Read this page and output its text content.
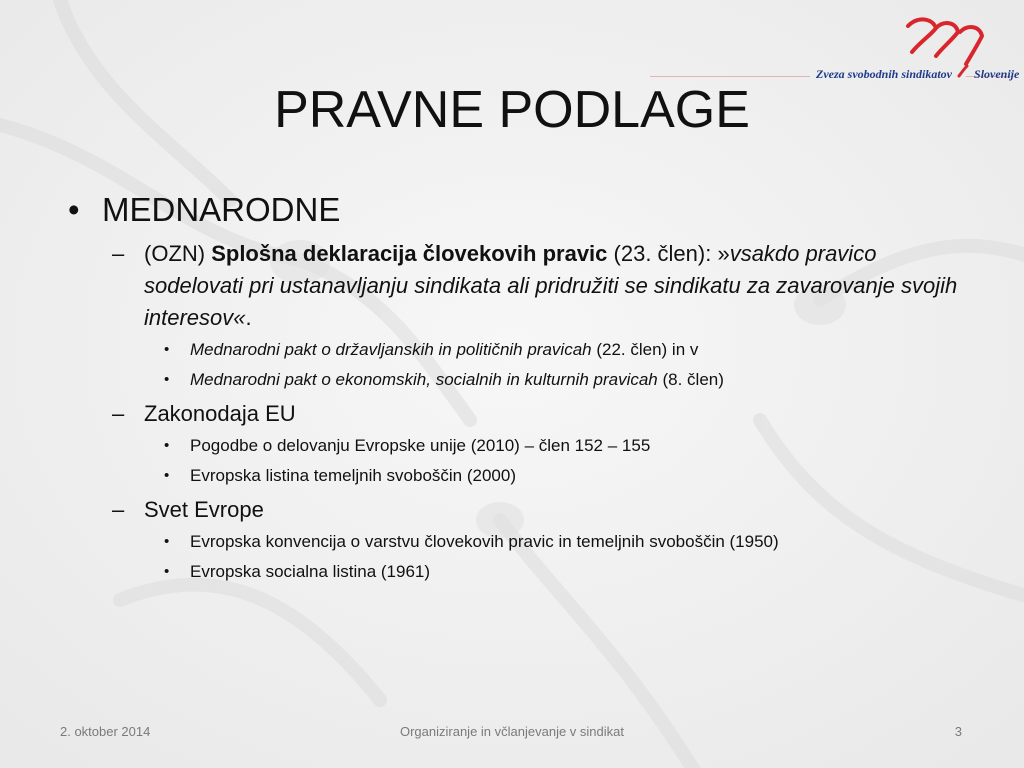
Zveza svobodnih sindikatov Slovenije
PRAVNE PODLAGE
• MEDNARODNE
– (OZN) Splošna deklaracija človekovih pravic (23. člen): »vsakdo pravico sodelovati pri ustanavljanju sindikata ali pridružiti se sindikatu za zavarovanje svojih interesov«.
• Mednarodni pakt o državljanskih in političnih pravicah (22. člen) in v
• Mednarodni pakt o ekonomskih, socialnih in kulturnih pravicah (8. člen)
– Zakonodaja EU
• Pogodbe o delovanju Evropske unije (2010) – člen 152 – 155
• Evropska listina temeljnih svoboščin (2000)
– Svet Evrope
• Evropska konvencija o varstvu človekovih pravic in temeljnih svoboščin (1950)
• Evropska socialna listina (1961)
2. oktober 2014	Organiziranje in včlanjevanje v sindikat	3
